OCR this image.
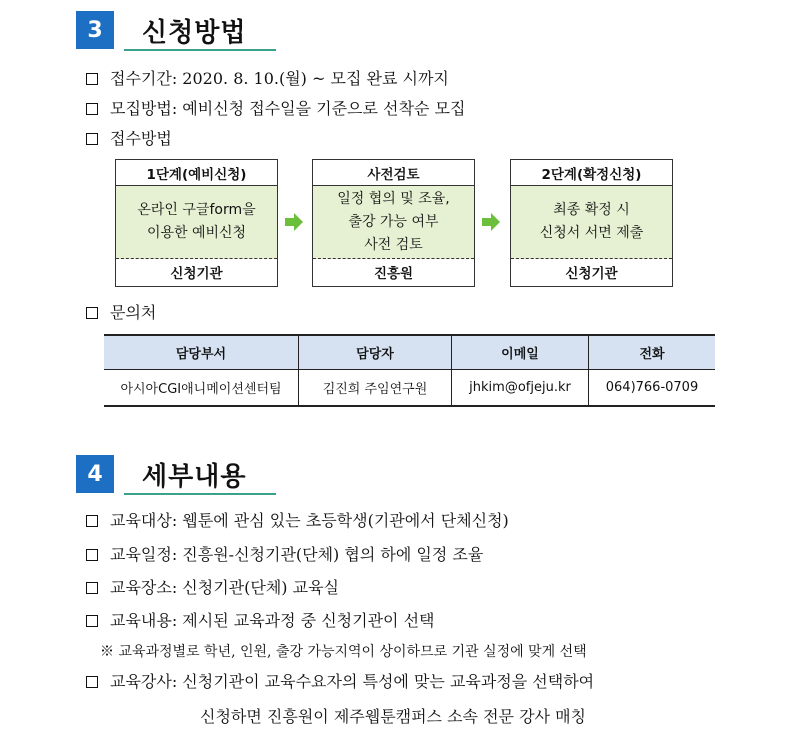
3	신청방법
접수기간: 2020. 8. 10.(월) ~ 모집 완료 시까지
모집방법: 예비신청 접수일을 기준으로 선착순 모집
접수방법
1단계(예비신청)
온라인 구글form을
이용한 예비신청
신청기관
사전검토
일정 협의 및 조율,
출강 가능 여부
사전 검토
진흥원
2단계(확정신청)
최종 확정 시
신청서 서면 제출
신청기관
문의처
담당부서	담당자	이메일	전화
아시아CGI애니메이션센터팀	김진희 주임연구원	jhkim@ofjeju.kr	064)766-0709
4	세부내용
교육대상: 웹툰에 관심 있는 초등학생(기관에서 단체신청)
교육일정: 진흥원-신청기관(단체) 협의 하에 일정 조율
교육장소: 신청기관(단체) 교육실
교육내용: 제시된 교육과정 중 신청기관이 선택
※ 교육과정별로 학년, 인원, 출강 가능지역이 상이하므로 기관 실정에 맞게 선택
교육강사: 신청기관이 교육수요자의 특성에 맞는 교육과정을 선택하여
신청하면 진흥원이 제주웹툰캠퍼스 소속 전문 강사 매칭
